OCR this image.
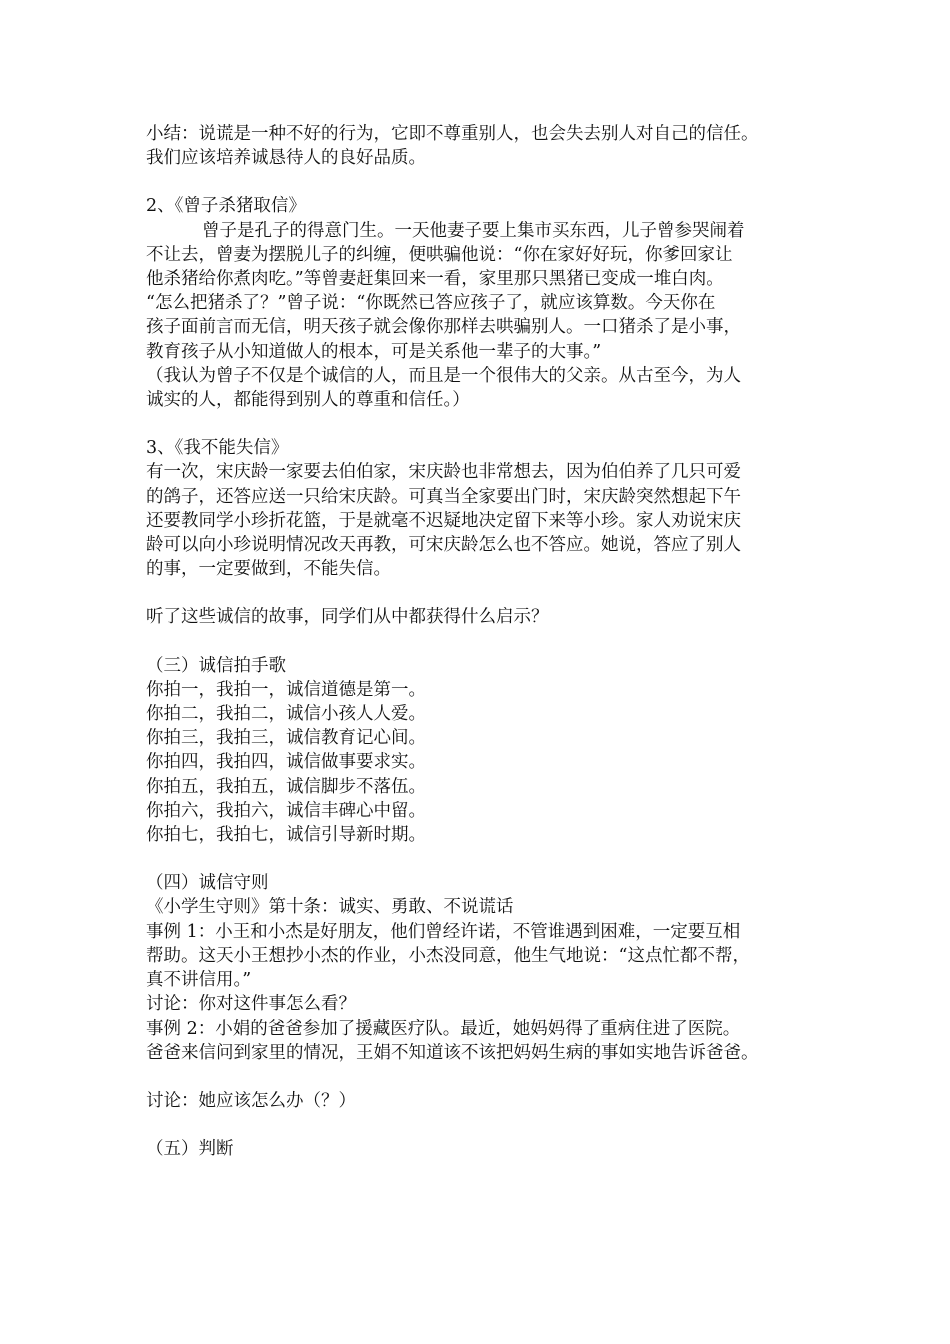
小结：说谎是一种不好的行为，它即不尊重别人，也会失去别人对自己的信任。

我们应该培养诚恳待人的良好品质。

2、《曾子杀猪取信》

曾子是孔子的得意门生。一天他妻子要上集市买东西，儿子曾参哭闹着

不让去，曾妻为摆脱儿子的纠缠，便哄骗他说：“你在家好好玩，你爹回家让

他杀猪给你煮肉吃。”等曾妻赶集回来一看，家里那只黑猪已变成一堆白肉。

“怎么把猪杀了？”曾子说：“你既然已答应孩子了，就应该算数。今天你在

孩子面前言而无信，明天孩子就会像你那样去哄骗别人。一口猪杀了是小事，

教育孩子从小知道做人的根本，可是关系他一辈子的大事。”

（我认为曾子不仅是个诚信的人，而且是一个很伟大的父亲。从古至今，为人

诚实的人，都能得到别人的尊重和信任。）

3、《我不能失信》

有一次，宋庆龄一家要去伯伯家，宋庆龄也非常想去，因为伯伯养了几只可爱

的鸽子，还答应送一只给宋庆龄。可真当全家要出门时，宋庆龄突然想起下午

还要教同学小珍折花篮，于是就毫不迟疑地决定留下来等小珍。家人劝说宋庆

龄可以向小珍说明情况改天再教，可宋庆龄怎么也不答应。她说，答应了别人

的事，一定要做到，不能失信。

听了这些诚信的故事，同学们从中都获得什么启示？

（三）诚信拍手歌

你拍一，我拍一，诚信道德是第一。

你拍二，我拍二，诚信小孩人人爱。

你拍三，我拍三，诚信教育记心间。

你拍四，我拍四，诚信做事要求实。

你拍五，我拍五，诚信脚步不落伍。

你拍六，我拍六，诚信丰碑心中留。

你拍七，我拍七，诚信引导新时期。

（四）诚信守则

《小学生守则》第十条：诚实、勇敢、不说谎话

事例 1：小王和小杰是好朋友，他们曾经许诺，不管谁遇到困难，一定要互相

帮助。这天小王想抄小杰的作业，小杰没同意，他生气地说：“这点忙都不帮，

真不讲信用。”

讨论：你对这件事怎么看？

事例 2：小娟的爸爸参加了援藏医疗队。最近，她妈妈得了重病住进了医院。

爸爸来信问到家里的情况，王娟不知道该不该把妈妈生病的事如实地告诉爸爸。

讨论：她应该怎么办（？）

（五）判断
